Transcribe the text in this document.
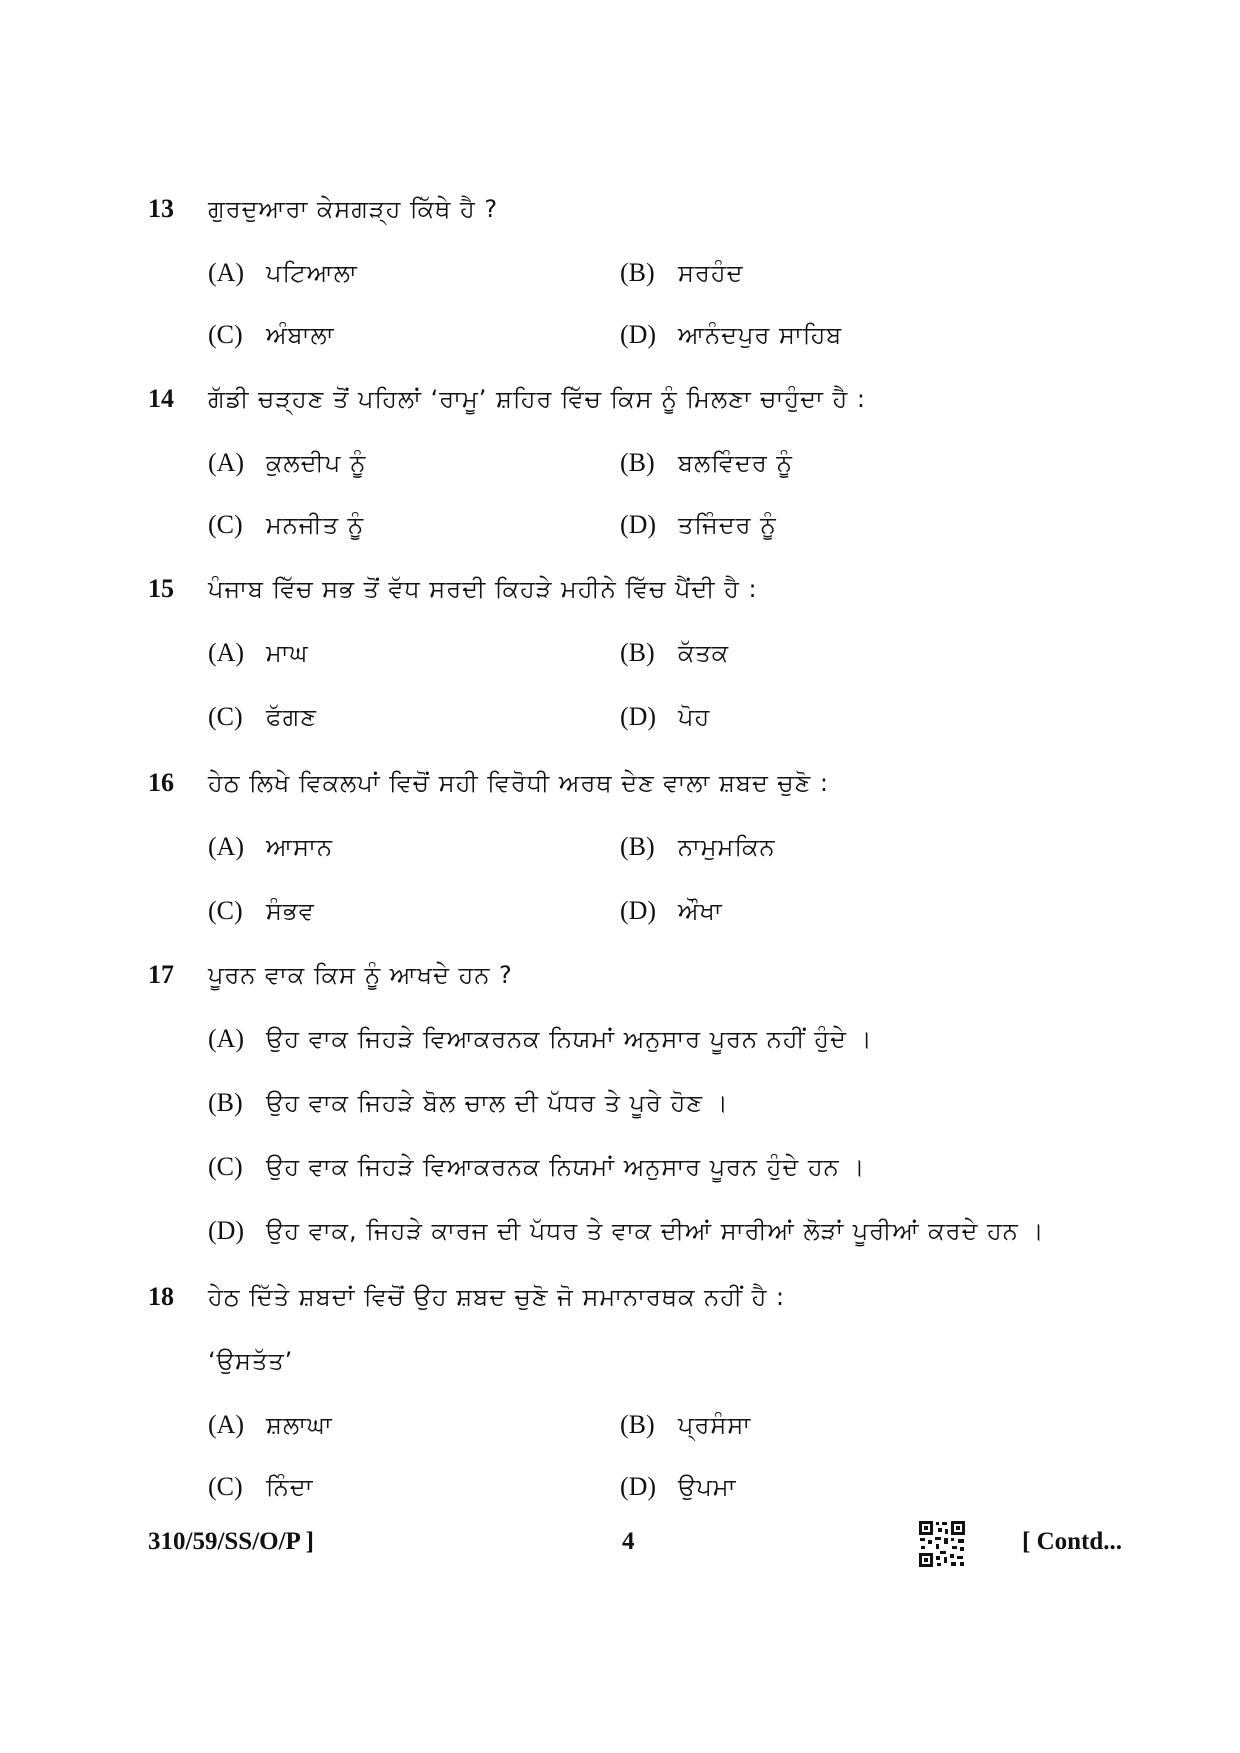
13	ਗੁਰਦੁਆਰਾ ਕੇਸਗੜ੍ਹ ਕਿੱਥੇ ਹੈ ?
(A) ਪਟਿਆਲਾ	(B) ਸਰਹੰਦ
(C) ਅੰਬਾਲਾ	(D) ਆਨੰਦਪੁਰ ਸਾਹਿਬ
14	ਗੱਡੀ ਚੜ੍ਹਣ ਤੋਂ ਪਹਿਲਾਂ ‘ਰਾਮੂ’ ਸ਼ਹਿਰ ਵਿੱਚ ਕਿਸ ਨੂੰ ਮਿਲਣਾ ਚਾਹੁੰਦਾ ਹੈ :
(A) ਕੁਲਦੀਪ ਨੂੰ	(B) ਬਲਵਿੰਦਰ ਨੂੰ
(C) ਮਨਜੀਤ ਨੂੰ	(D) ਤਜਿੰਦਰ ਨੂੰ
15	ਪੰਜਾਬ ਵਿੱਚ ਸਭ ਤੋਂ ਵੱਧ ਸਰਦੀ ਕਿਹੜੇ ਮਹੀਨੇ ਵਿੱਚ ਪੈਂਦੀ ਹੈ :
(A) ਮਾਘ	(B) ਕੱਤਕ
(C) ਫੱਗਣ	(D) ਪੋਹ
16	ਹੇਠ ਲਿਖੇ ਵਿਕਲਪਾਂ ਵਿਚੋਂ ਸਹੀ ਵਿਰੋਧੀ ਅਰਥ ਦੇਣ ਵਾਲਾ ਸ਼ਬਦ ਚੁਣੋ :
(A) ਆਸਾਨ	(B) ਨਾਮੁਮਕਿਨ
(C) ਸੰਭਵ	(D) ਔਖਾ
17	ਪੂਰਨ ਵਾਕ ਕਿਸ ਨੂੰ ਆਖਦੇ ਹਨ ?
(A) ਉਹ ਵਾਕ ਜਿਹੜੇ ਵਿਆਕਰਨਕ ਨਿਯਮਾਂ ਅਨੁਸਾਰ ਪੂਰਨ ਨਹੀਂ ਹੁੰਦੇ ।
(B) ਉਹ ਵਾਕ ਜਿਹੜੇ ਬੋਲ ਚਾਲ ਦੀ ਪੱਧਰ ਤੇ ਪੂਰੇ ਹੋਣ ।
(C) ਉਹ ਵਾਕ ਜਿਹੜੇ ਵਿਆਕਰਨਕ ਨਿਯਮਾਂ ਅਨੁਸਾਰ ਪੂਰਨ ਹੁੰਦੇ ਹਨ ।
(D) ਉਹ ਵਾਕ, ਜਿਹੜੇ ਕਾਰਜ ਦੀ ਪੱਧਰ ਤੇ ਵਾਕ ਦੀਆਂ ਸਾਰੀਆਂ ਲੋੜਾਂ ਪੂਰੀਆਂ ਕਰਦੇ ਹਨ ।
18	ਹੇਠ ਦਿੱਤੇ ਸ਼ਬਦਾਂ ਵਿਚੋਂ ਉਹ ਸ਼ਬਦ ਚੁਣੋ ਜੋ ਸਮਾਨਾਰਥਕ ਨਹੀਂ ਹੈ :
‘ਉਸਤੱਤ’
(A) ਸ਼ਲਾਘਾ	(B) ਪ੍ਰਸੰਸਾ
(C) ਨਿੰਦਾ	(D) ਉਪਮਾ
310/59/SS/O/P ]	4	[ Contd...
